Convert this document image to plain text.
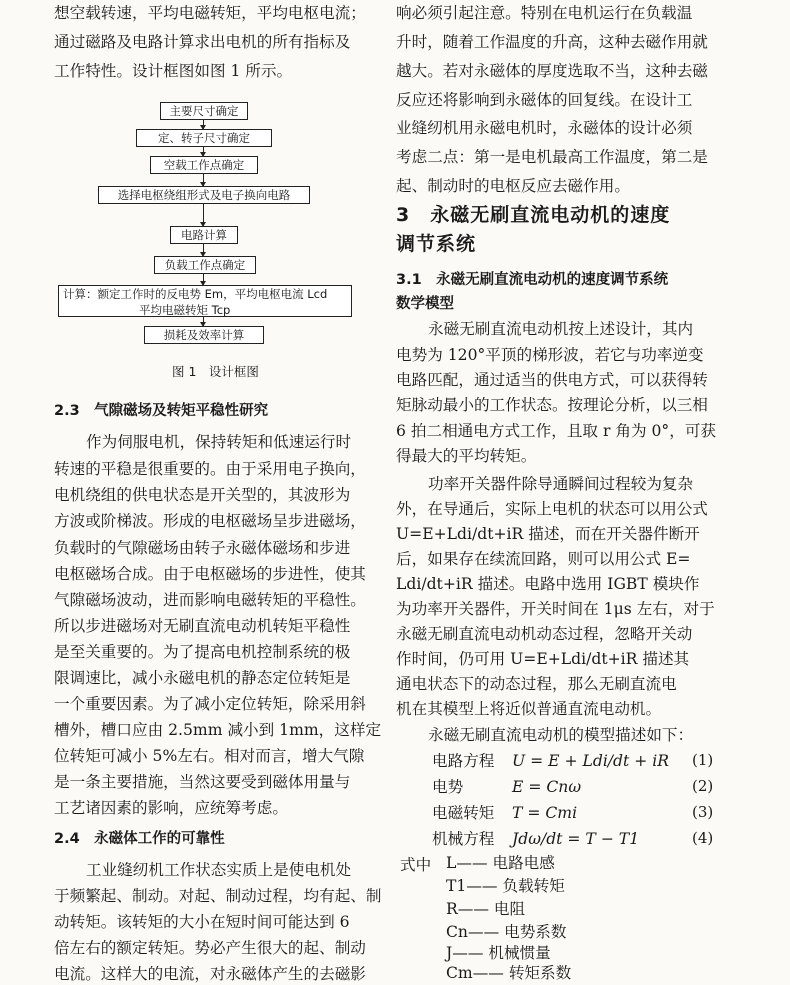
想空载转速，平均电磁转矩，平均电枢电流；
通过磁路及电路计算求出电机的所有指标及
工作特性。设计框图如图 1 所示。
主要尺寸确定
定、转子尺寸确定
空载工作点确定
选择电枢绕组形式及电子换向电路
电路计算
负载工作点确定
计算：额定工作时的反电势 Em，平均电枢电流 Lcd
平均电磁转矩 Tcp
损耗及效率计算
图 1　设计框图
2.3　气隙磁场及转矩平稳性研究
作为伺服电机，保持转矩和低速运行时
转速的平稳是很重要的。由于采用电子换向，
电机绕组的供电状态是开关型的，其波形为
方波或阶梯波。形成的电枢磁场呈步进磁场，
负载时的气隙磁场由转子永磁体磁场和步进
电枢磁场合成。由于电枢磁场的步进性，使其
气隙磁场波动，进而影响电磁转矩的平稳性。
所以步进磁场对无刷直流电动机转矩平稳性
是至关重要的。为了提高电机控制系统的极
限调速比，减小永磁电机的静态定位转矩是
一个重要因素。为了减小定位转矩，除采用斜
槽外，槽口应由 2.5mm 减小到 1mm，这样定
位转矩可减小 5%左右。相对而言，增大气隙
是一条主要措施，当然这要受到磁体用量与
工艺诸因素的影响，应统筹考虑。
2.4　永磁体工作的可靠性
工业缝纫机工作状态实质上是使电机处
于频繁起、制动。对起、制动过程，均有起、制
动转矩。该转矩的大小在短时间可能达到 6
倍左右的额定转矩。势必产生很大的起、制动
电流。这样大的电流，对永磁体产生的去磁影
响必须引起注意。特别在电机运行在负载温
升时，随着工作温度的升高，这种去磁作用就
越大。若对永磁体的厚度选取不当，这种去磁
反应还将影响到永磁体的回复线。在设计工
业缝纫机用永磁电机时，永磁体的设计必须
考虑二点：第一是电机最高工作温度，第二是
起、制动时的电枢反应去磁作用。
3　永磁无刷直流电动机的速度
调节系统
3.1　永磁无刷直流电动机的速度调节系统
数学模型
永磁无刷直流电动机按上述设计，其内
电势为 120°平顶的梯形波，若它与功率逆变
电路匹配，通过适当的供电方式，可以获得转
矩脉动最小的工作状态。按理论分析，以三相
6 拍二相通电方式工作，且取 r 角为 0°，可获
得最大的平均转矩。
功率开关器件除导通瞬间过程较为复杂
外，在导通后，实际上电机的状态可以用公式
U=E+Ldi/dt+iR 描述，而在开关器件断开
后，如果存在续流回路，则可以用公式 E=
Ldi/dt+iR 描述。电路中选用 IGBT 模块作
为功率开关器件，开关时间在 1μs 左右，对于
永磁无刷直流电动机动态过程，忽略开关动
作时间，仍可用 U=E+Ldi/dt+iR 描述其
通电状态下的动态过程，那么无刷直流电
机在其模型上将近似普通直流电动机。
永磁无刷直流电动机的模型描述如下：
电路方程 U = E + Ldi/dt + iR (1)
电势	E = Cnω	(2)
电磁转矩 T = Cmi	(3)
机械方程 Jdω/dt = T − T1	(4)
式中 L—— 电路电感
T1—— 负载转矩
R—— 电阻
Cn—— 电势系数
J—— 机械惯量
Cm—— 转矩系数
